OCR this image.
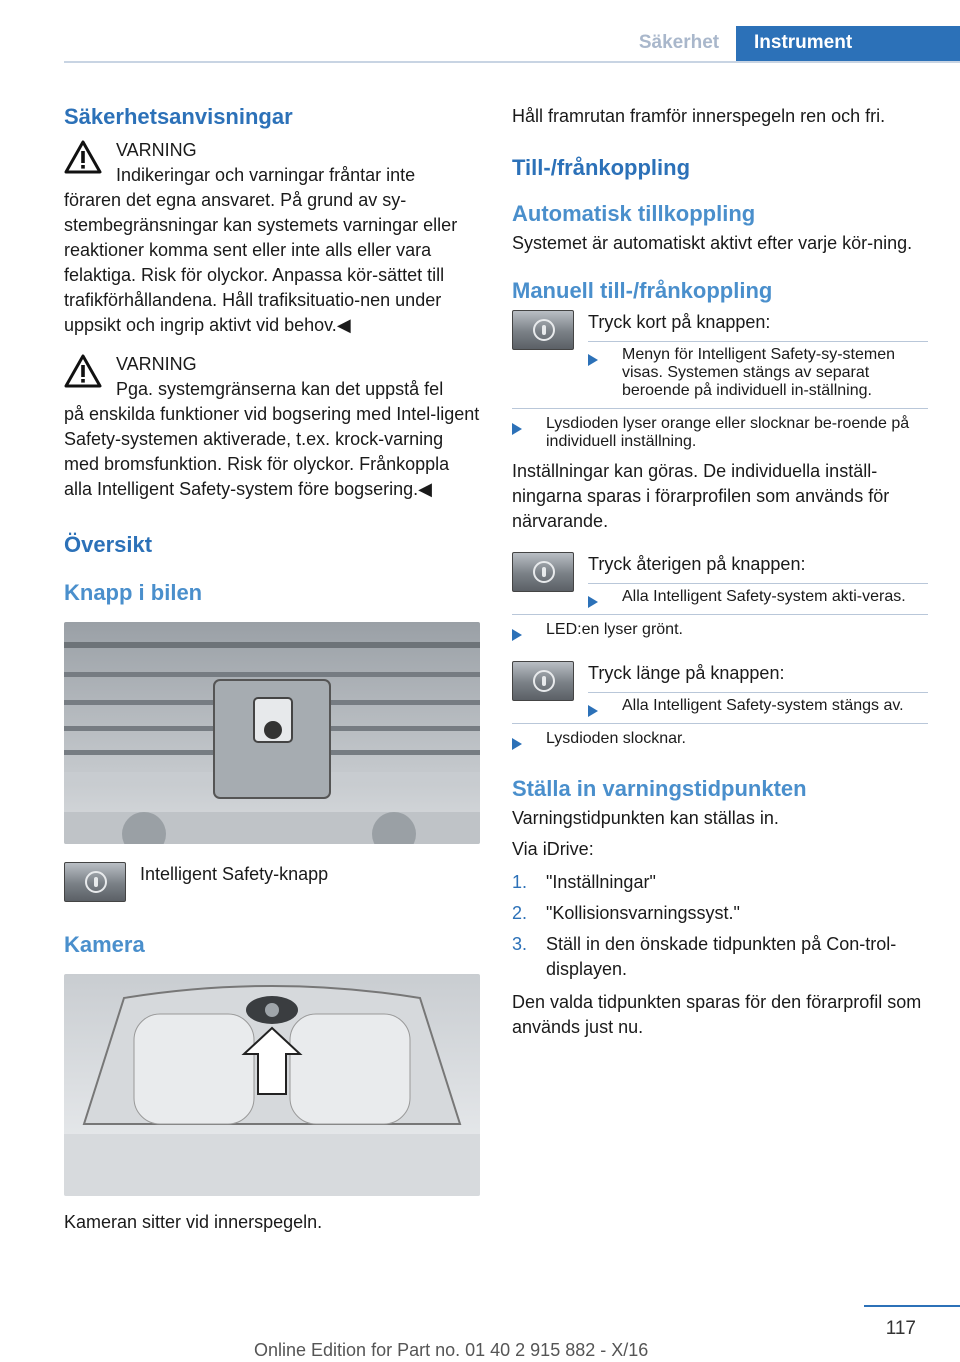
Säkerhet	Instrument
Säkerhetsanvisningar
VARNING
Indikeringar och varningar fråntar inte
föraren det egna ansvaret. På grund av sy-stembegränsningar kan systemets varningar eller reaktioner komma sent eller inte alls eller vara felaktiga. Risk för olyckor. Anpassa kör-sättet till trafikförhållandena. Håll trafiksituatio-nen under uppsikt och ingrip aktivt vid behov.◀
VARNING
Pga. systemgränserna kan det uppstå fel
på enskilda funktioner vid bogsering med Intel-ligent Safety-systemen aktiverade, t.ex. krock-varning med bromsfunktion. Risk för olyckor. Frånkoppla alla Intelligent Safety-system före bogsering.◀
Översikt
Knapp i bilen
Intelligent Safety-knapp
Kamera
Kameran sitter vid innerspegeln.

Håll framrutan framför innerspegeln ren och fri.

Till-/frånkoppling
Automatisk tillkoppling

Systemet är automatiskt aktivt efter varje kör-ning.

Manuell till-/frånkoppling
Tryck kort på knappen:
Menyn för Intelligent Safety-sy-stemen visas. Systemen stängs av separat beroende på individuell in-ställning.
Lysdioden lyser orange eller slocknar be-roende på individuell inställning.

Inställningar kan göras. De individuella inställ-ningarna sparas i förarprofilen som används för närvarande.

Tryck återigen på knappen:
Alla Intelligent Safety-system akti-veras.
LED:en lyser grönt.
Tryck länge på knappen:
Alla Intelligent Safety-system stängs av.
Lysdioden slocknar.
Ställa in varningstidpunkten

Varningstidpunkten kan ställas in.

Via iDrive:

1. "Inställningar"
2. "Kollisionsvarningssyst."
3. Ställ in den önskade tidpunkten på Con-trol-displayen.

Den valda tidpunkten sparas för den förarprofil som används just nu.

117
Online Edition for Part no. 01 40 2 915 882 - X/16
